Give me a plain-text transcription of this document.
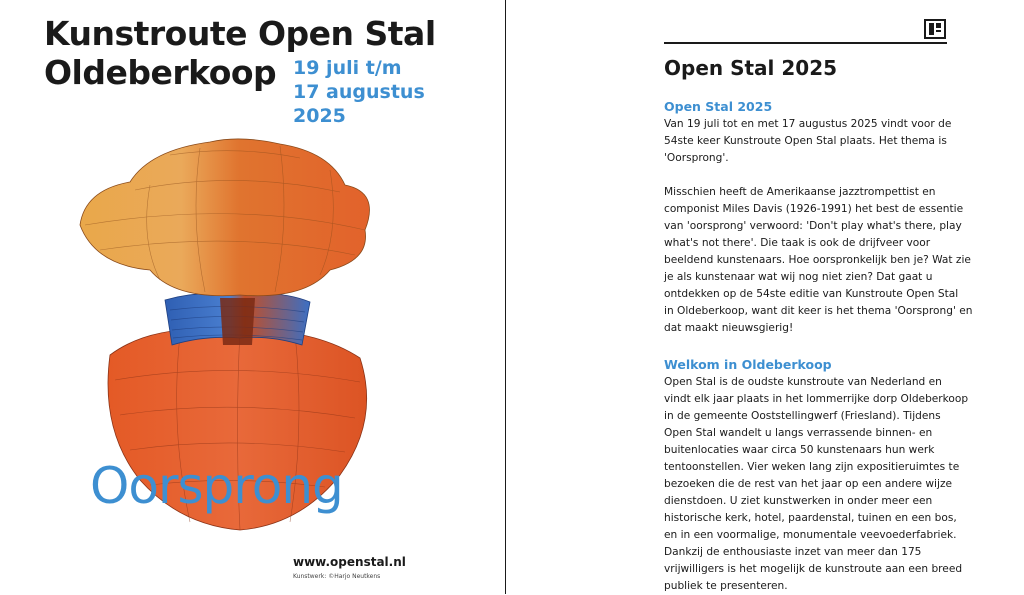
Kunstroute Open Stal
Oldeberkoop 19 juli t/m
17 augustus
2025

Oorsprong

www.openstal.nl
Kunstwerk: ©Harjo Neutkens
Open Stal 2025
Open Stal 2025

Van 19 juli tot en met 17 augustus 2025 vindt voor de
54ste keer Kunstroute Open Stal plaats. Het thema is
'Oorsprong'.

Misschien heeft de Amerikaanse jazztrompettist en
componist Miles Davis (1926-1991) het best de essentie
van 'oorsprong' verwoord: 'Don't play what's there, play
what's not there'. Die taak is ook de drijfveer voor
beeldend kunstenaars. Hoe oorspronkelijk ben je? Wat zie
je als kunstenaar wat wij nog niet zien? Dat gaat u
ontdekken op de 54ste editie van Kunstroute Open Stal
in Oldeberkoop, want dit keer is het thema 'Oorsprong' en
dat maakt nieuwsgierig!

Welkom in Oldeberkoop

Open Stal is de oudste kunstroute van Nederland en
vindt elk jaar plaats in het lommerrijke dorp Oldeberkoop
in de gemeente Ooststellingwerf (Friesland). Tijdens
Open Stal wandelt u langs verrassende binnen- en
buitenlocaties waar circa 50 kunstenaars hun werk
tentoonstellen. Vier weken lang zijn expositieruimtes te
bezoeken die de rest van het jaar op een andere wijze
dienstdoen. U ziet kunstwerken in onder meer een
historische kerk, hotel, paardenstal, tuinen en een bos,
en in een voormalige, monumentale veevoederfabriek.
Dankzij de enthousiaste inzet van meer dan 175
vrijwilligers is het mogelijk de kunstroute aan een breed
publiek te presenteren.
